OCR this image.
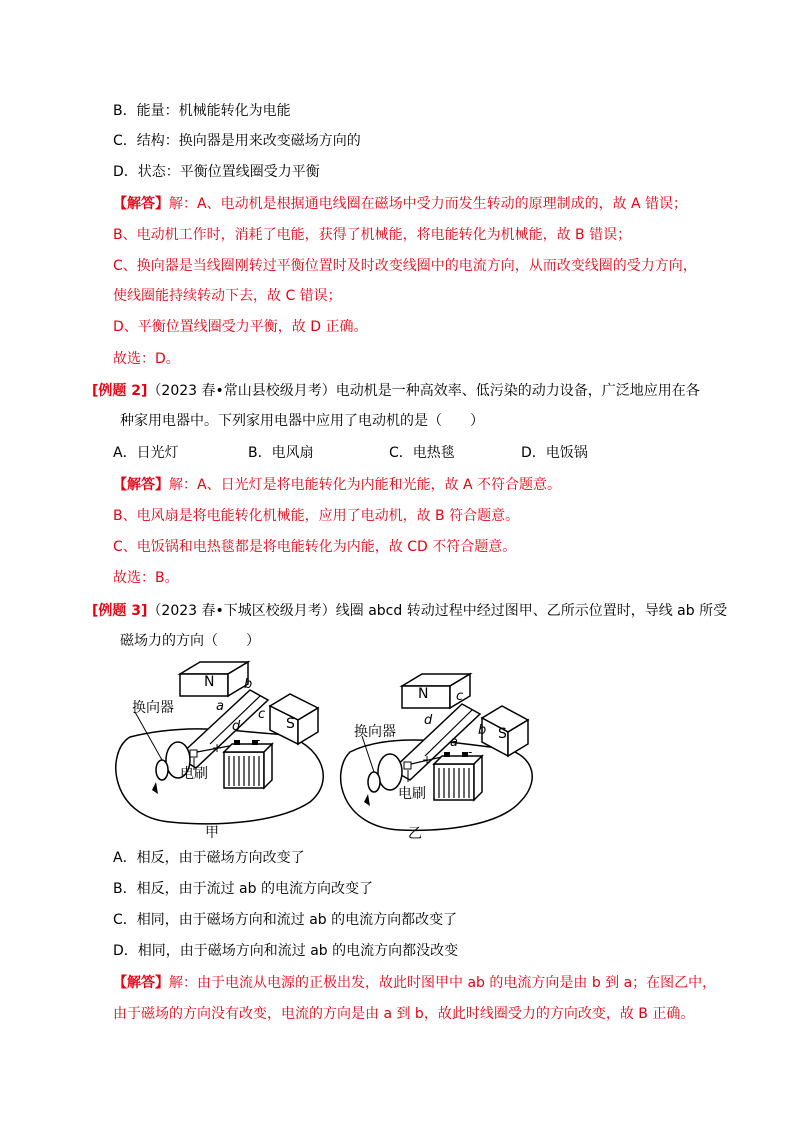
B．能量：机械能转化为电能
C．结构：换向器是用来改变磁场方向的
D．状态：平衡位置线圈受力平衡
【解答】解：A、电动机是根据通电线圈在磁场中受力而发生转动的原理制成的，故 A 错误；
B、电动机工作时，消耗了电能，获得了机械能，将电能转化为机械能，故 B 错误；
C、换向器是当线圈刚转过平衡位置时及时改变线圈中的电流方向，从而改变线圈的受力方向，
使线圈能持续转动下去，故 C 错误；
D、平衡位置线圈受力平衡，故 D 正确。
故选：D。
[例题 2]（2023 春•常山县校级月考）电动机是一种高效率、低污染的动力设备，广泛地应用在各
种家用电器中。下列家用电器中应用了电动机的是（　　）
A．日光灯	B．电风扇	C．电热毯	D．电饭锅
【解答】解：A、日光灯是将电能转化为内能和光能，故 A 不符合题意。
B、电风扇是将电能转化机械能，应用了电动机，故 B 符合题意。
C、电饭锅和电热毯都是将电能转化为内能，故 CD 不符合题意。
故选：B。
[例题 3]（2023 春•下城区校级月考）线圈 abcd 转动过程中经过图甲、乙所示位置时，导线 ab 所受
磁场力的方向（　　）
+
-
换向器
电刷
N
S
b
a
c
d
甲
+
-
换向器
电刷
N
S
c
d
b
a
乙
A．相反，由于磁场方向改变了
B．相反，由于流过 ab 的电流方向改变了
C．相同，由于磁场方向和流过 ab 的电流方向都改变了
D．相同，由于磁场方向和流过 ab 的电流方向都没改变
【解答】解：由于电流从电源的正极出发，故此时图甲中 ab 的电流方向是由 b 到 a；在图乙中，
由于磁场的方向没有改变，电流的方向是由 a 到 b，故此时线圈受力的方向改变，故 B 正确。
